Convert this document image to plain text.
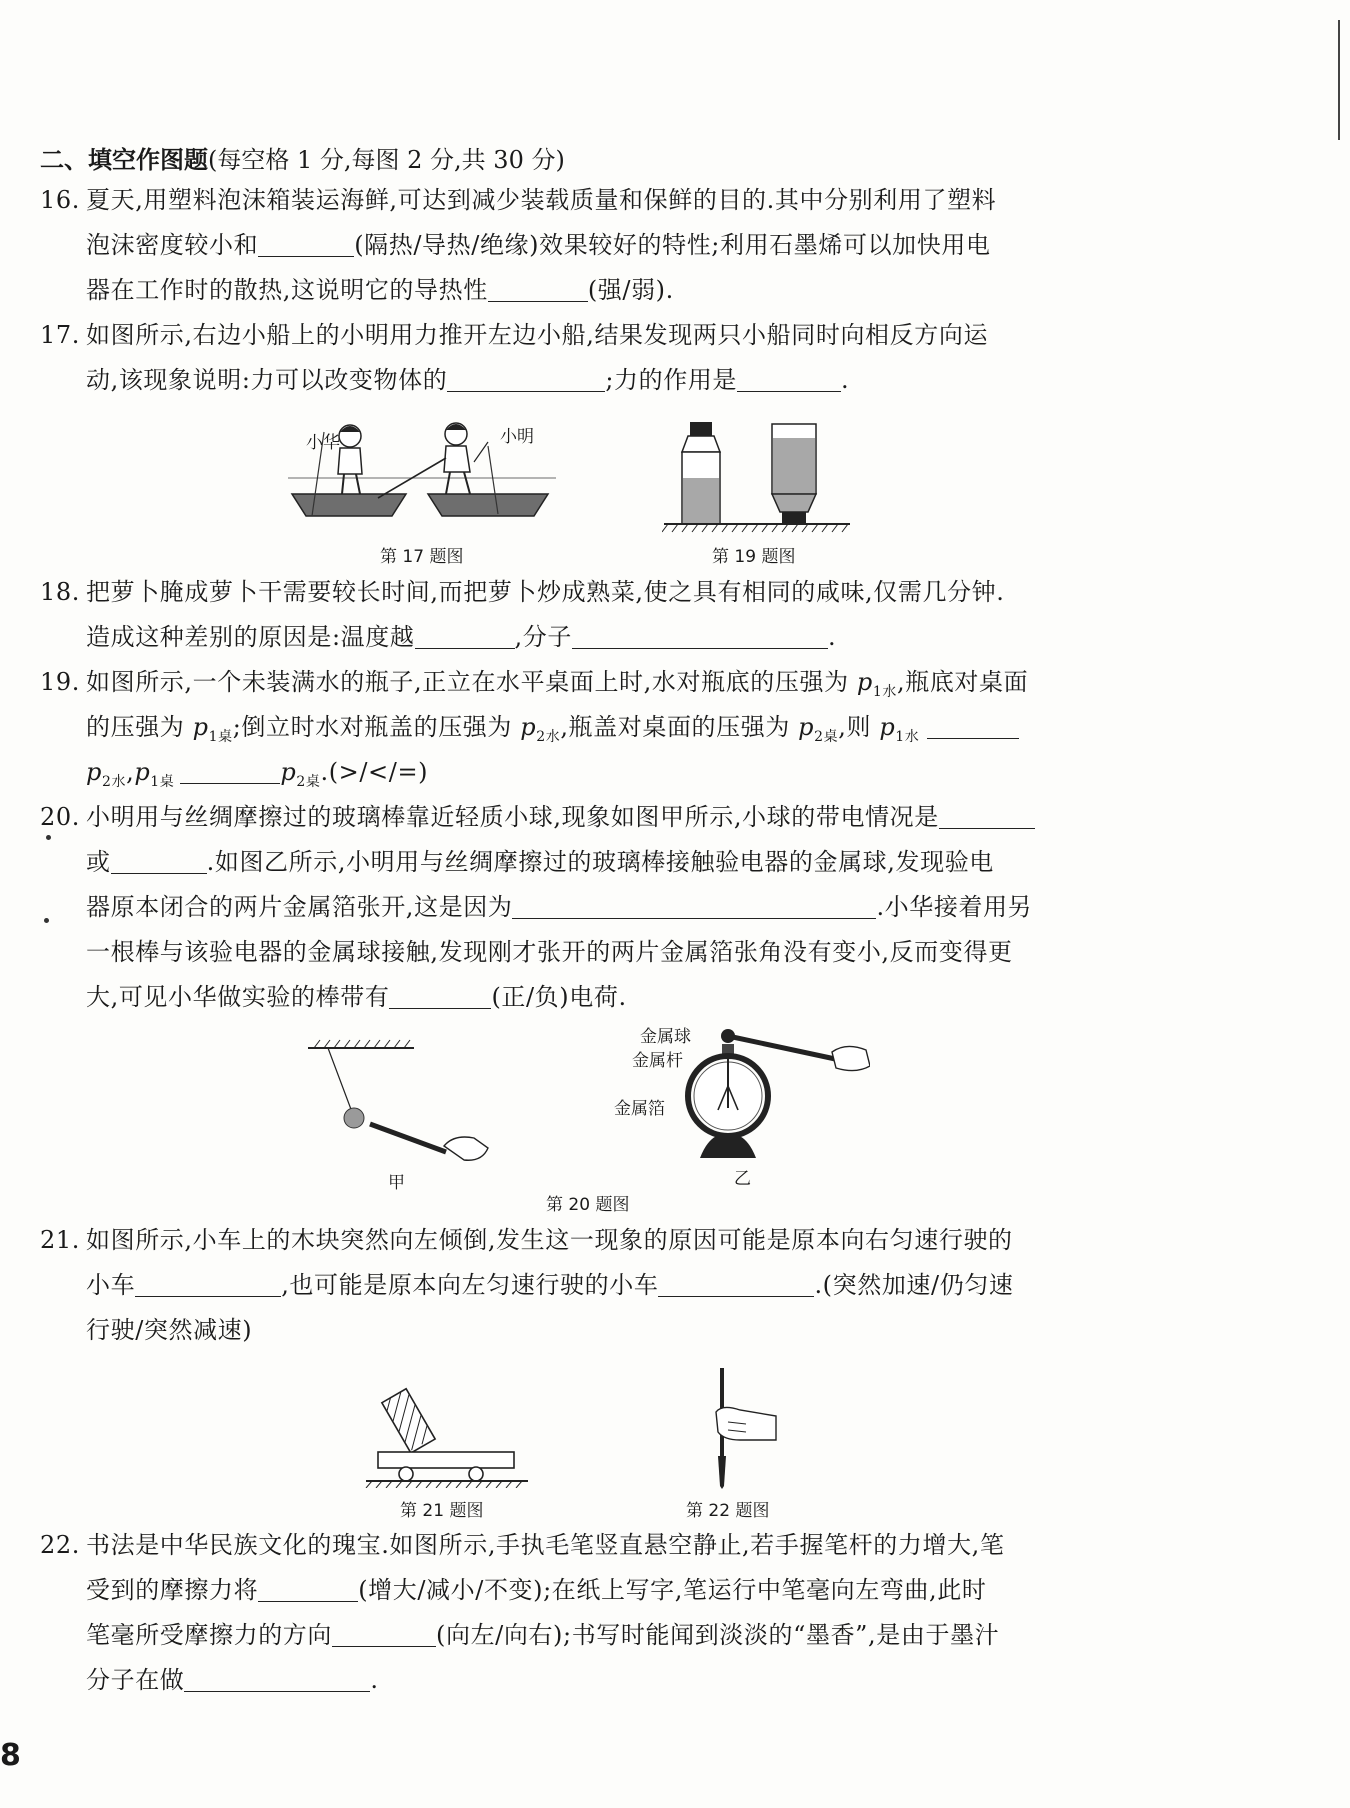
二、填空作图题(每空格 1 分,每图 2 分,共 30 分)
16. 夏天,用塑料泡沫箱装运海鲜,可达到减少装载质量和保鲜的目的.其中分别利用了塑料
泡沫密度较小和	(隔热/导热/绝缘)效果较好的特性;利用石墨烯可以加快用电
器在工作时的散热,这说明它的导热性	(强/弱).
17. 如图所示,右边小船上的小明用力推开左边小船,结果发现两只小船同时向相反方向运
动,该现象说明:力可以改变物体的	;力的作用是	.
小华	小明
第 17 题图	第 19 题图
18. 把萝卜腌成萝卜干需要较长时间,而把萝卜炒成熟菜,使之具有相同的咸味,仅需几分钟.
造成这种差别的原因是:温度越	,分子	.
19. 如图所示,一个未装满水的瓶子,正立在水平桌面上时,水对瓶底的压强为 $p_{1水}$,瓶底对桌面
的压强为 $p_{1桌}$;倒立时水对瓶盖的压强为 $p_{2水}$,瓶盖对桌面的压强为 $p_{2桌}$,则 $p_{1水}$
$p_{2水},p_{1桌}$	$p_{2桌}.(>/</=)$
20. 小明用与丝绸摩擦过的玻璃棒靠近轻质小球,现象如图甲所示,小球的带电情况是
或	.如图乙所示,小明用与丝绸摩擦过的玻璃棒接触验电器的金属球,发现验电
器原本闭合的两片金属箔张开,这是因为	.小华接着用另
一根棒与该验电器的金属球接触,发现刚才张开的两片金属箔张角没有变小,反而变得更
大,可见小华做实验的棒带有	(正/负)电荷.
甲
金属球
金属杆
金属箔
乙
第 20 题图
21. 如图所示,小车上的木块突然向左倾倒,发生这一现象的原因可能是原本向右匀速行驶的
小车	,也可能是原本向左匀速行驶的小车	.(突然加速/仍匀速
行驶/突然减速)
第 21 题图	第 22 题图
22. 书法是中华民族文化的瑰宝.如图所示,手执毛笔竖直悬空静止,若手握笔杆的力增大,笔
受到的摩擦力将	(增大/减小/不变);在纸上写字,笔运行中笔毫向左弯曲,此时
笔毫所受摩擦力的方向	(向左/向右);书写时能闻到淡淡的“墨香”,是由于墨汁
分子在做	.
8
